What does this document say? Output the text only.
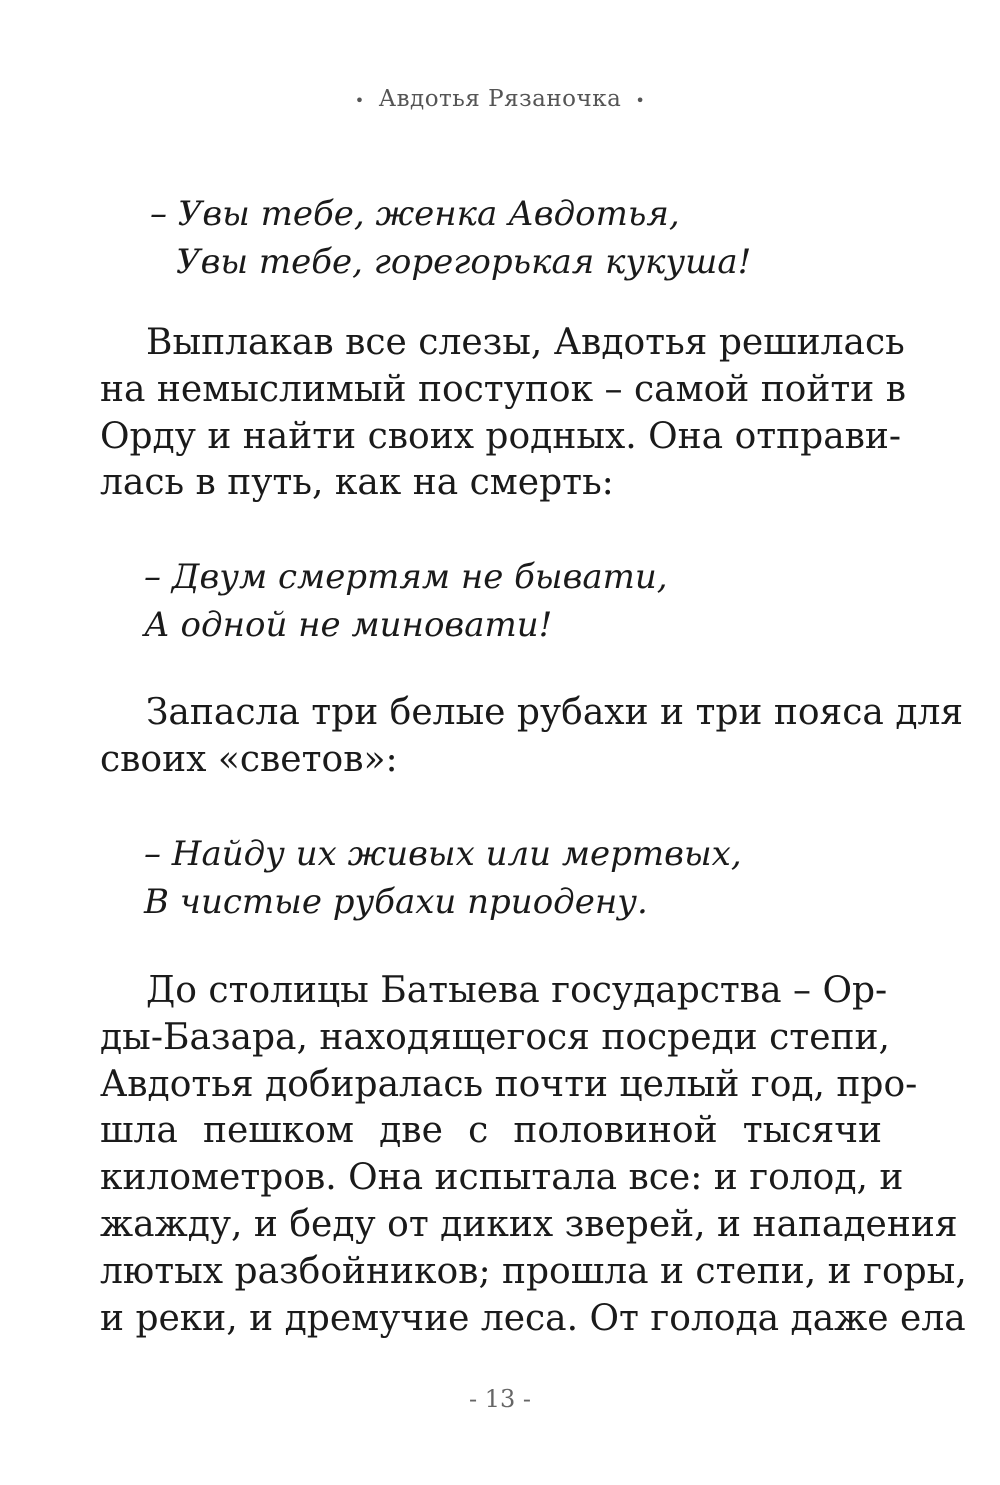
• Авдотья Рязаночка •
– Увы тебе, женка Авдотья,
Увы тебе, горегорькая кукуша!
Выплакав все слезы, Авдотья решилась
на немыслимый поступок – самой пойти в
Орду и найти своих родных. Она отправи-
лась в путь, как на смерть:
– Двум смертям не бывати,
А одной не миновати!
Запасла три белые рубахи и три пояса для
своих «светов»:
– Найду их живых или мертвых,
В чистые рубахи приодену.
До столицы Батыева государства – Ор-
ды-Базара, находящегося посреди степи,
Авдотья добиралась почти целый год, про-
шла пешком две с половиной тысячи
километров. Она испытала все: и голод, и
жажду, и беду от диких зверей, и нападения
лютых разбойников; прошла и степи, и горы,
и реки, и дремучие леса. От голода даже ела
- 13 -
